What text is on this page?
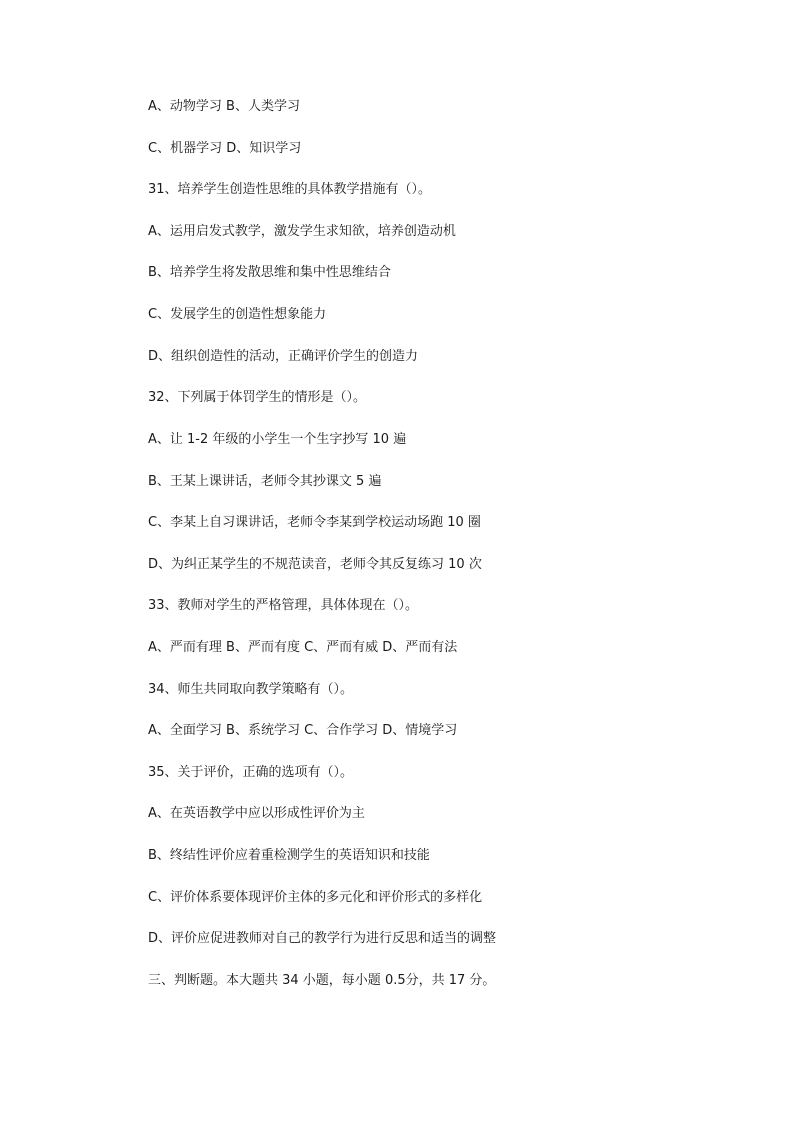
A、动物学习 B、人类学习
C、机器学习 D、知识学习
31、培养学生创造性思维的具体教学措施有（）。
A、运用启发式教学，激发学生求知欲，培养创造动机
B、培养学生将发散思维和集中性思维结合
C、发展学生的创造性想象能力
D、组织创造性的活动，正确评价学生的创造力
32、下列属于体罚学生的情形是（）。
A、让 1-2 年级的小学生一个生字抄写 10 遍
B、王某上课讲话，老师令其抄课文 5 遍
C、李某上自习课讲话，老师令李某到学校运动场跑 10 圈
D、为纠正某学生的不规范读音，老师令其反复练习 10 次
33、教师对学生的严格管理，具体体现在（）。
A、严而有理 B、严而有度 C、严而有威 D、严而有法
34、师生共同取向教学策略有（）。
A、全面学习 B、系统学习 C、合作学习 D、情境学习
35、关于评价，正确的选项有（）。
A、在英语教学中应以形成性评价为主
B、终结性评价应着重检测学生的英语知识和技能
C、评价体系要体现评价主体的多元化和评价形式的多样化
D、评价应促进教师对自己的教学行为进行反思和适当的调整
三、判断题。本大题共 34 小题，每小题 0.5分，共 17 分。
